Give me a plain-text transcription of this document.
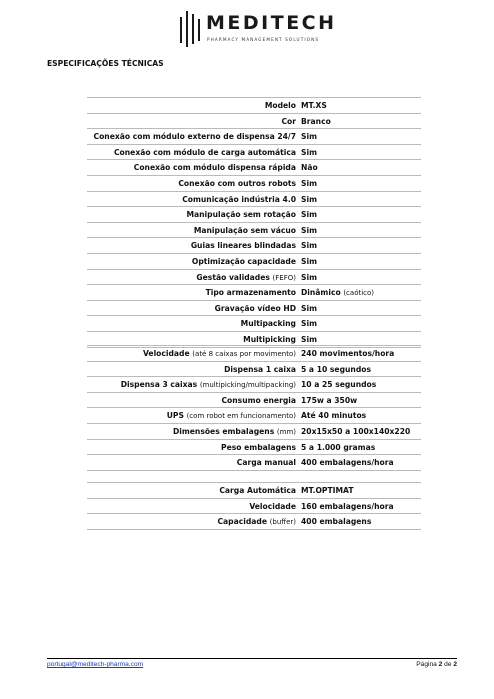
MEDITECH
PHARMACY MANAGEMENT SOLUTIONS
ESPECIFICAÇÕES TÉCNICAS
Modelo MT.XS
Cor Branco
Conexão com módulo externo de dispensa 24/7 Sim
Conexão com módulo de carga automática Sim
Conexão com módulo dispensa rápida Não
Conexão com outros robots Sim
Comunicação indústria 4.0 Sim
Manipulação sem rotação Sim
Manipulação sem vácuo Sim
Guias lineares blindadas Sim
Optimização capacidade Sim
Gestão validades (FEFO) Sim
Tipo armazenamento Dinâmico (caótico)
Gravação vídeo HD Sim
Multipacking Sim
Multipicking Sim
Velocidade (até 8 caixas por movimento) 240 movimentos/hora
Dispensa 1 caixa 5 a 10 segundos
Dispensa 3 caixas (multipicking/multipacking) 10 a 25 segundos
Consumo energia 175w a 350w
UPS (com robot em funcionamento) Até 40 minutos
Dimensões embalagens (mm) 20x15x50 a 100x140x220
Peso embalagens 5 a 1.000 gramas
Carga manual 400 embalagens/hora
Carga Automática MT.OPTIMAT
Velocidade 160 embalagens/hora
Capacidade (buffer) 400 embalagens
portugal@meditech-pharma.com	Página 2 de 2
